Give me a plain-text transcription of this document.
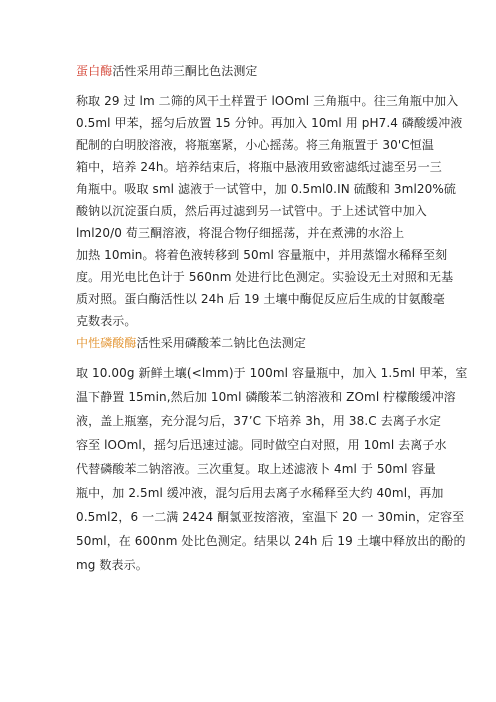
蛋白酶活性采用茚三酮比色法测定
称取 29 过 lm 二筛的风干土样置于 lOOml 三角瓶中。往三角瓶中加入
0.5ml 甲苯，摇匀后放置 15 分钟。再加入 10ml 用 pH7.4 磷酸缓冲液
配制的白明胶溶液，将瓶塞紧，小心摇荡。将三角瓶置于 30'C恒温
箱中，培养 24h。培养结束后，将瓶中悬液用致密滤纸过滤至另一三
角瓶中。吸取 sml 滤液于一试管中，加 0.5ml0.IN 硫酸和 3ml20%硫
酸钠以沉淀蛋白质，然后再过滤到另一试管中。于上述试管中加入
lml20/0 荀三酮溶液，将混合物仔细摇荡，并在煮沸的水浴上
加热 10min。将着色液转移到 50ml 容量瓶中，并用蒸馏水稀释至刻
度。用光电比色计于 560nm 处进行比色测定。实验设无土对照和无基
质对照。蛋白酶活性以 24h 后 19 土壤中酶促反应后生成的甘氨酸毫
克数表示。
中性磷酸酶活性采用磷酸苯二钠比色法测定
取 10.00g 新鲜土壤(<lmm)于 100ml 容量瓶中，加入 1.5ml 甲苯，室
温下静置 15min,然后加 10ml 磷酸苯二钠溶液和 ZOml 柠檬酸缓冲溶
液，盖上瓶塞，充分混匀后，37’C 下培养 3h，用 38.C 去离子水定
容至 lOOml，摇匀后迅速过滤。同时做空白对照，用 10ml 去离子水
代替磷酸苯二钠溶液。三次重复。取上述滤液卜 4ml 于 50ml 容量
瓶中，加 2.5ml 缓冲液，混匀后用去离子水稀释至大约 40ml，再加
0.5ml2，6 一二满 2424 酮氯亚按溶液，室温下 20 一 30min，定容至
50ml，在 600nm 处比色测定。结果以 24h 后 19 土壤中释放出的酚的
mg 数表示。
